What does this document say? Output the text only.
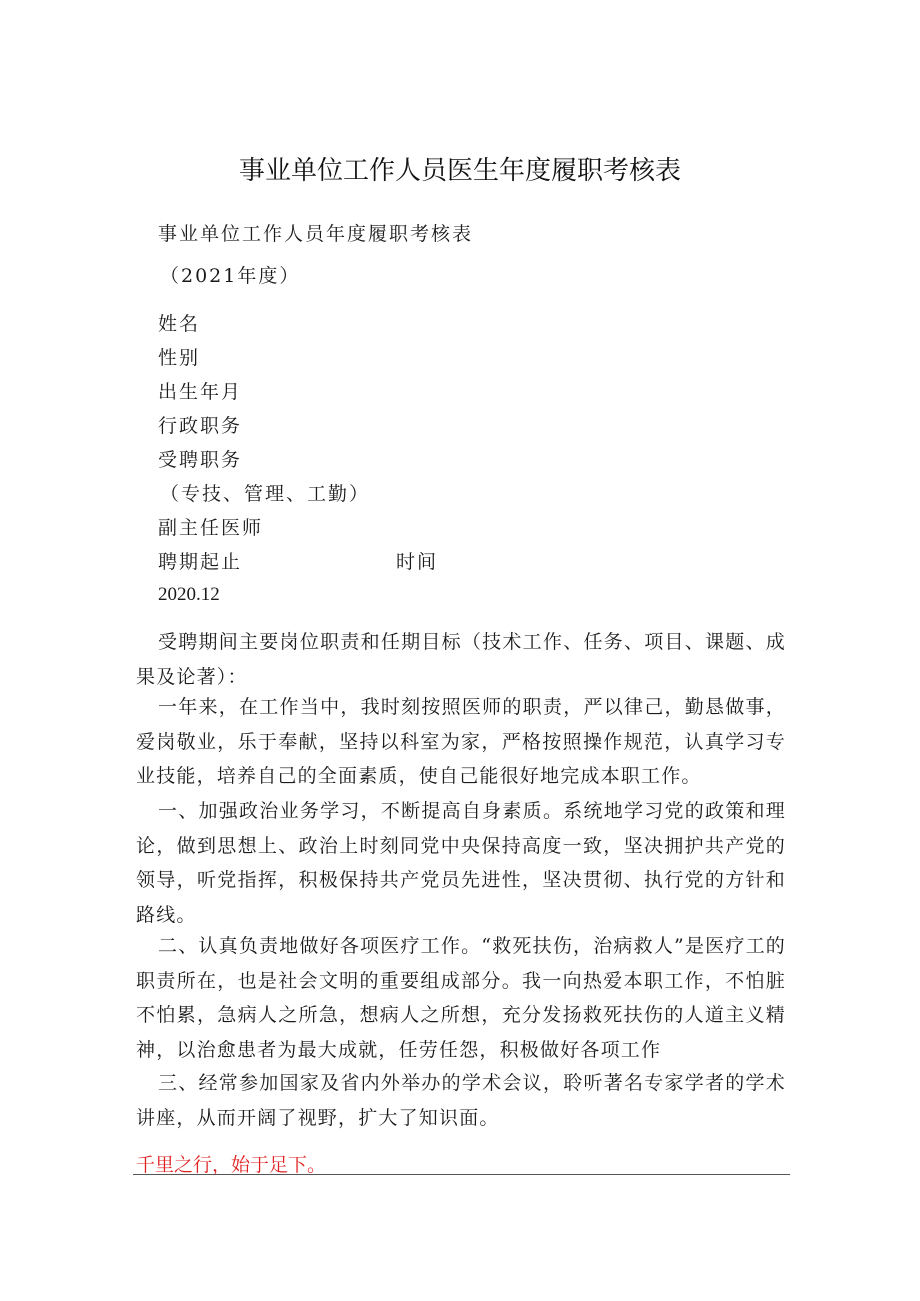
事业单位工作人员医生年度履职考核表
事业单位工作人员年度履职考核表
（2021年度）
姓名
性别
出生年月
行政职务
受聘职务
（专技、管理、工勤）
副主任医师
聘期起止	时间
2020.12
受聘期间主要岗位职责和任期目标（技术工作、任务、项目、课题、成果及论著）：
一年来，在工作当中，我时刻按照医师的职责，严以律己，勤恳做事，爱岗敬业，乐于奉献，坚持以科室为家，严格按照操作规范，认真学习专业技能，培养自己的全面素质，使自己能很好地完成本职工作。
一、加强政治业务学习，不断提高自身素质。系统地学习党的政策和理论，做到思想上、政治上时刻同党中央保持高度一致，坚决拥护共产党的领导，听党指挥，积极保持共产党员先进性，坚决贯彻、执行党的方针和路线。
二、认真负责地做好各项医疗工作。“救死扶伤，治病救人”是医疗工的职责所在，也是社会文明的重要组成部分。我一向热爱本职工作，不怕脏不怕累，急病人之所急，想病人之所想，充分发扬救死扶伤的人道主义精神，以治愈患者为最大成就，任劳任怨，积极做好各项工作
三、经常参加国家及省内外举办的学术会议，聆听著名专家学者的学术讲座，从而开阔了视野，扩大了知识面。
千里之行，始于足下。
